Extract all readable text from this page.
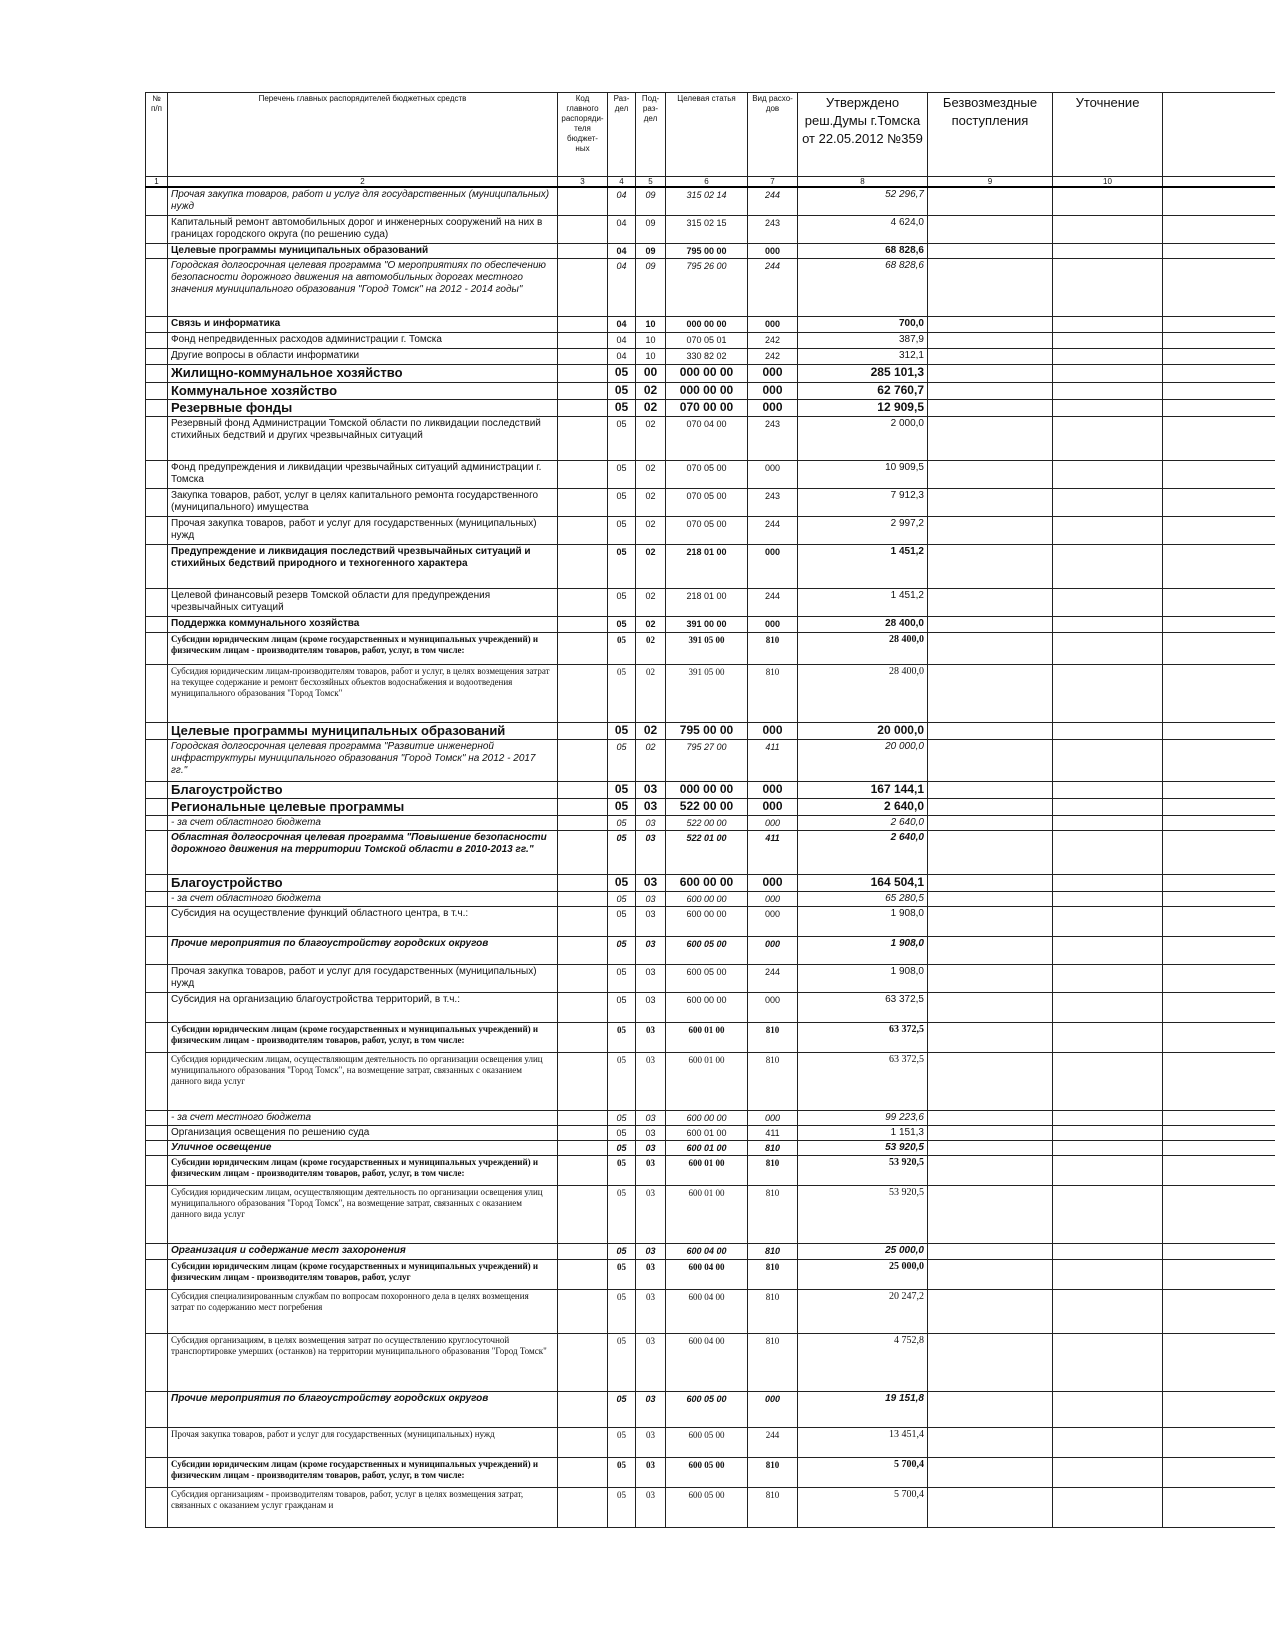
№ п/п	Перечень главных распорядителей бюджетных средств	Код главного распоряди-теля бюджет-ных	Раз-дел	Под-раз-дел	Целевая статья	Вид расхо-дов	Утверждено реш.Думы г.Томска от 22.05.2012 №359	Безвозмездные поступления	Уточнение	
1	2	3	4	5	6	7	8	9	10	
	Прочая закупка товаров, работ и услуг для государственных (муниципальных) нужд		04	09	315 02 14	244	52 296,7			
	Капитальный ремонт автомобильных дорог и инженерных сооружений на них в границах городского округа (по решению суда)		04	09	315 02 15	243	4 624,0			
	Целевые программы муниципальных образований		04	09	795 00 00	000	68 828,6			
	Городская долгосрочная целевая программа "О мероприятиях по обеспечению безопасности дорожного движения на автомобильных дорогах местного значения муниципального образования "Город Томск" на 2012 - 2014 годы"		04	09	795 26 00	244	68 828,6			
	Связь и информатика		04	10	000 00 00	000	700,0			
	Фонд непредвиденных расходов администрации г. Томска		04	10	070 05 01	242	387,9			
	Другие вопросы в области информатики		04	10	330 82 02	242	312,1			
	Жилищно-коммунальное хозяйство		05	00	000 00 00	000	285 101,3			
	Коммунальное хозяйство		05	02	000 00 00	000	62 760,7			
	Резервные фонды		05	02	070 00 00	000	12 909,5			
	Резервный фонд Администрации Томской области по ликвидации последствий стихийных бедствий и других чрезвычайных ситуаций		05	02	070 04 00	243	2 000,0			
	Фонд предупреждения и ликвидации чрезвычайных ситуаций администрации г. Томска		05	02	070 05 00	000	10 909,5			
	Закупка товаров, работ, услуг в целях капитального ремонта государственного (муниципального) имущества		05	02	070 05 00	243	7 912,3			
	Прочая закупка товаров, работ и услуг для государственных (муниципальных) нужд		05	02	070 05 00	244	2 997,2			
	Предупреждение и ликвидация последствий чрезвычайных ситуаций и стихийных бедствий природного и техногенного характера		05	02	218 01 00	000	1 451,2			
	Целевой финансовый резерв Томской области для предупреждения чрезвычайных ситуаций		05	02	218 01 00	244	1 451,2			
	Поддержка коммунального хозяйства		05	02	391 00 00	000	28 400,0			
	Субсидии юридическим лицам (кроме государственных и муниципальных учреждений) и физическим лицам - производителям товаров, работ, услуг, в том числе:		05	02	391 05 00	810	28 400,0			
	Субсидия юридическим лицам-производителям товаров, работ и услуг, в целях возмещения затрат на текущее содержание и ремонт бесхозяйных объектов водоснабжения и водоотведения муниципального образования "Город Томск"		05	02	391 05 00	810	28 400,0			
	Целевые программы муниципальных образований		05	02	795 00 00	000	20 000,0			
	Городская долгосрочная целевая программа "Развитие инженерной инфраструктуры муниципального образования "Город Томск" на 2012 - 2017 гг."		05	02	795 27 00	411	20 000,0			
	Благоустройство		05	03	000 00 00	000	167 144,1			
	Региональные целевые программы		05	03	522 00 00	000	2 640,0			
	- за счет областного бюджета		05	03	522 00 00	000	2 640,0			
	Областная долгосрочная целевая программа "Повышение безопасности дорожного движения на территории Томской области в 2010-2013 гг."		05	03	522 01 00	411	2 640,0			
	Благоустройство		05	03	600 00 00	000	164 504,1			
	- за счет областного бюджета		05	03	600 00 00	000	65 280,5			
	Субсидия на осуществление функций областного центра, в т.ч.:		05	03	600 00 00	000	1 908,0			
	Прочие мероприятия по благоустройству городских округов		05	03	600 05 00	000	1 908,0			
	Прочая закупка товаров, работ и услуг для государственных (муниципальных) нужд		05	03	600 05 00	244	1 908,0			
	Субсидия на организацию благоустройства территорий, в т.ч.:		05	03	600 00 00	000	63 372,5			
	Субсидии юридическим лицам (кроме государственных и муниципальных учреждений) и физическим лицам - производителям товаров, работ, услуг, в том числе:		05	03	600 01 00	810	63 372,5			
	Субсидия юридическим лицам, осуществляющим деятельность по организации освещения улиц муниципального образования "Город Томск", на возмещение затрат, связанных с оказанием данного вида услуг		05	03	600 01 00	810	63 372,5			
	- за счет местного бюджета		05	03	600 00 00	000	99 223,6			
	Организация освещения по решению суда		05	03	600 01 00	411	1 151,3			
	Уличное освещение		05	03	600 01 00	810	53 920,5			
	Субсидии юридическим лицам (кроме государственных и муниципальных учреждений) и физическим лицам - производителям товаров, работ, услуг, в том числе:		05	03	600 01 00	810	53 920,5			
	Субсидия юридическим лицам, осуществляющим деятельность по организации освещения улиц муниципального образования "Город Томск", на возмещение затрат, связанных с оказанием данного вида услуг		05	03	600 01 00	810	53 920,5			
	Организация и содержание мест захоронения		05	03	600 04 00	810	25 000,0			
	Субсидии юридическим лицам (кроме государственных и муниципальных учреждений) и физическим лицам - производителям товаров, работ, услуг		05	03	600 04 00	810	25 000,0			
	Субсидия специализированным службам по вопросам похоронного дела в целях возмещения затрат по содержанию мест погребения		05	03	600 04 00	810	20 247,2			
	Субсидия организациям, в целях возмещения затрат по осуществлению круглосуточной транспортировке умерших (останков) на территории муниципального образования "Город Томск"		05	03	600 04 00	810	4 752,8			
	Прочие мероприятия по благоустройству городских округов		05	03	600 05 00	000	19 151,8			
	Прочая закупка товаров, работ и услуг для государственных (муниципальных) нужд		05	03	600 05 00	244	13 451,4			
	Субсидии юридическим лицам (кроме государственных и муниципальных учреждений) и физическим лицам - производителям товаров, работ, услуг, в том числе:		05	03	600 05 00	810	5 700,4			
	Субсидия организациям - производителям товаров, работ, услуг в целях возмещения затрат, связанных с оказанием услуг гражданам и		05	03	600 05 00	810	5 700,4			
